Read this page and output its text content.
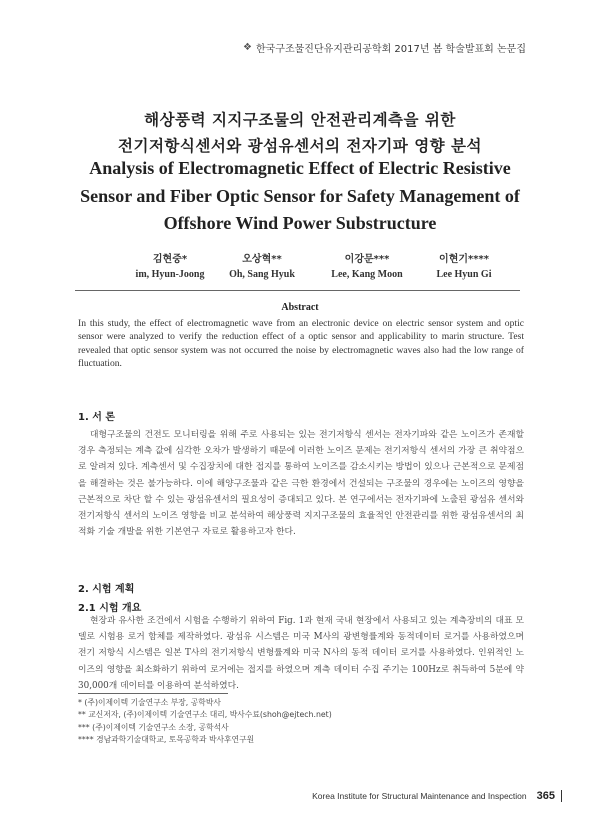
❖ 한국구조물진단유지관리공학회 2017년 봄 학술발표회 논문집
해상풍력 지지구조물의 안전관리계측을 위한
전기저항식센서와 광섬유센서의 전자기파 영향 분석
Analysis of Electromagnetic Effect of Electric Resistive
Sensor and Fiber Optic Sensor for Safety Management of
Offshore Wind Power Substructure
김현중*
im, Hyun-Joong
오상혁**
Oh, Sang Hyuk
이강문***
Lee, Kang Moon
이현기****
Lee Hyun Gi
Abstract
In this study, the effect of electromagnetic wave from an electronic device on electric sensor system and optic sensor were analyzed to verify the reduction effect of a optic sensor and applicability to marin structure. Test revealed that optic sensor system was not occurred the noise by electromagnetic waves also had the low range of fluctuation.
1. 서 론
대형구조물의 건전도 모니터링을 위해 주로 사용되는 있는 전기저항식 센서는 전자기파와 같은 노이즈가 존재할 경우 측정되는 계측 값에 심각한 오차가 발생하기 때문에 이러한 노이즈 문제는 전기저항식 센서의 가장 큰 취약점으로 알려져 있다. 계측센서 및 수집장치에 대한 접지를 통하여 노이즈를 감소시키는 방법이 있으나 근본적으로 문제점을 해결하는 것은 불가능하다. 이에 해양구조물과 같은 극한 환경에서 건설되는 구조물의 경우에는 노이즈의 영향을 근본적으로 차단 할 수 있는 광섬유센서의 필요성이 증대되고 있다. 본 연구에서는 전자기파에 노출된 광섬유 센서와 전기저항식 센서의 노이즈 영향을 비교 분석하여 해상풍력 지지구조물의 효율적인 안전관리를 위한 광섬유센서의 최적화 기술 개발을 위한 기본연구 자료로 활용하고자 한다.
2. 시험 계획
2.1 시험 개요
현장과 유사한 조건에서 시험을 수행하기 위하여 Fig. 1과 현재 국내 현장에서 사용되고 있는 계측장비의 대표 모델로 시험용 로거 함체를 제작하였다. 광섬유 시스템은 미국 M사의 광변형률계와 동적데이터 로거를 사용하였으며 전기 저항식 시스템은 일본 T사의 전기저항식 변형률계와 미국 N사의 동적 데이터 로거를 사용하였다. 인위적인 노이즈의 영향을 최소화하기 위하여 로거에는 접지를 하였으며 계측 데이터 수집 주기는 100Hz로 취득하여 5분에 약 30,000개 데이터를 이용하여 분석하였다.
* (주)이제이텍 기술연구소 부장, 공학박사
** 교신저자, (주)이제이텍 기술연구소 대리, 박사수료(shoh@ejtech.net)
*** (주)이제이텍 기술연구소 소장, 공학석사
**** 경남과학기술대학교, 토목공학과 박사후연구원
Korea Institute for Structural Maintenance and Inspection 365
